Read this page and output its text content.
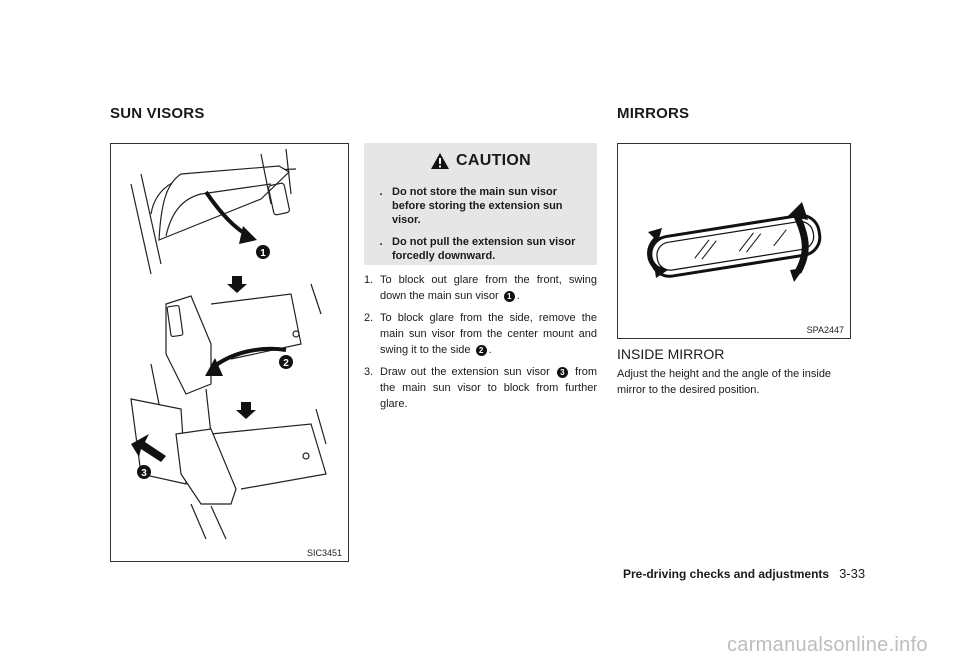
SUN VISORS	MIRRORS
1
2
3
SIC3451
CAUTION
. Do not store the main sun visor before storing the extension sun visor.
. Do not pull the extension sun visor forcedly downward.
1. To block out glare from the front, swing down the main sun visor 1 .
2. To block glare from the side, remove the main sun visor from the center mount and swing it to the side 2 .
3. Draw out the extension sun visor 3 from the main sun visor to block from further glare.
SPA2447
INSIDE MIRROR
Adjust the height and the angle of the inside mirror to the desired position.
Pre-driving checks and adjustments 3-33
carmanualsonline.info
